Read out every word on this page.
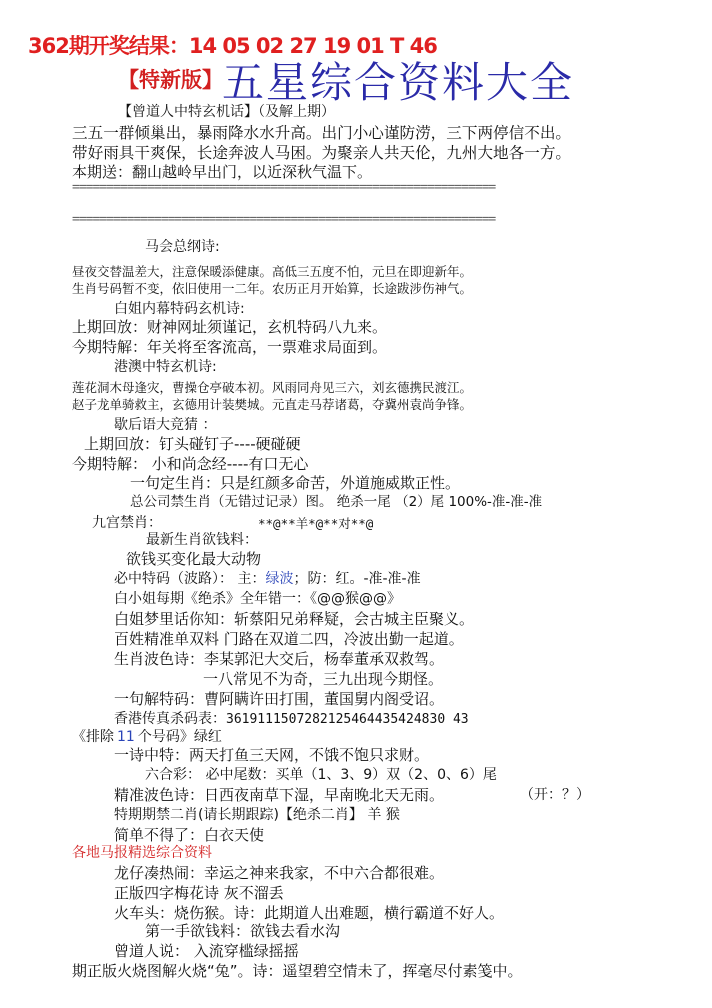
362期开奖结果：14 05 02 27 19 01 T 46
【特新版】 五星综合资料大全
【曾道人中特玄机话】（及解上期）
三五一群倾巢出，暴雨降水水升高。出门小心谨防涝，三下两停信不出。
带好雨具干爽保，长途奔波人马困。为聚亲人共天伦，九州大地各一方。
本期送：翻山越岭早出门，以近深秋气温下。
==============================================================
==============================================================
马会总纲诗:
昼夜交替温差大，注意保暖添健康。高低三五度不怕，元旦在即迎新年。
生肖号码暂不变，依旧使用一二年。农历正月开始算，长途跋涉伤神气。
白姐内幕特码玄机诗:
上期回放：财神网址须谨记，玄机特码八九来。
今期特解：年关将至客流高，一票难求局面到。
港澳中特玄机诗:
莲花洞木母逢灾，曹操仓亭破本初。风雨同舟见三六，刘玄德携民渡江。
赵子龙单骑救主，玄德用计装樊城。元直走马荐诸葛，夺冀州袁尚争锋。
歇后语大竞猜 ：
上期回放：钉头碰钉子----硬碰硬
今期特解： 小和尚念经----有口无心
一句定生肖：只是红颜多命苦，外道施威欺正性。
总公司禁生肖（无错过记录）图。 绝杀一尾 （2）尾 100%-准-准-准
九宫禁肖：	**@**羊*@**对**@
最新生肖欲钱料：
欲钱买变化最大动物
必中特码（波路）： 主：绿波；防：红。-准-准-准
白小姐每期《绝杀》全年错一：《@@猴@@》
白姐梦里话你知：斩蔡阳兄弟释疑，会古城主臣聚义。
百姓精准单双料 门路在双道二四，冷波出勤一起道。
生肖波色诗：李某郭汜大交后，杨奉董承双救驾。
一八常见不为奇，三九出现今期怪。
一句解特码：曹阿瞒许田打围，董国舅内阁受诏。
香港传真杀码表：3619111507282125464435424830 43
《排除 11 个号码》绿红
一诗中特：两天打鱼三天网，不饿不饱只求财。
六合彩： 必中尾数：买单（1、3、9）双（2、0、6）尾
精准波色诗：日西夜南草下湿，早南晚北天无雨。	（开：？）
特期期禁二肖(请长期跟踪)【绝杀二肖】 羊 猴
简单不得了：白衣天使
各地马报精选综合资料
龙仔凑热闹：幸运之神来我家，不中六合都很难。
正版四字梅花诗 灰不溜丢
火车头：烧伤猴。诗：此期道人出难题，横行霸道不好人。
第一手欲钱料：欲钱去看水沟
曾道人说： 入流穿槛绿摇摇
期正版火烧图解火烧“兔”。诗：遥望碧空情未了，挥毫尽付素笺中。
